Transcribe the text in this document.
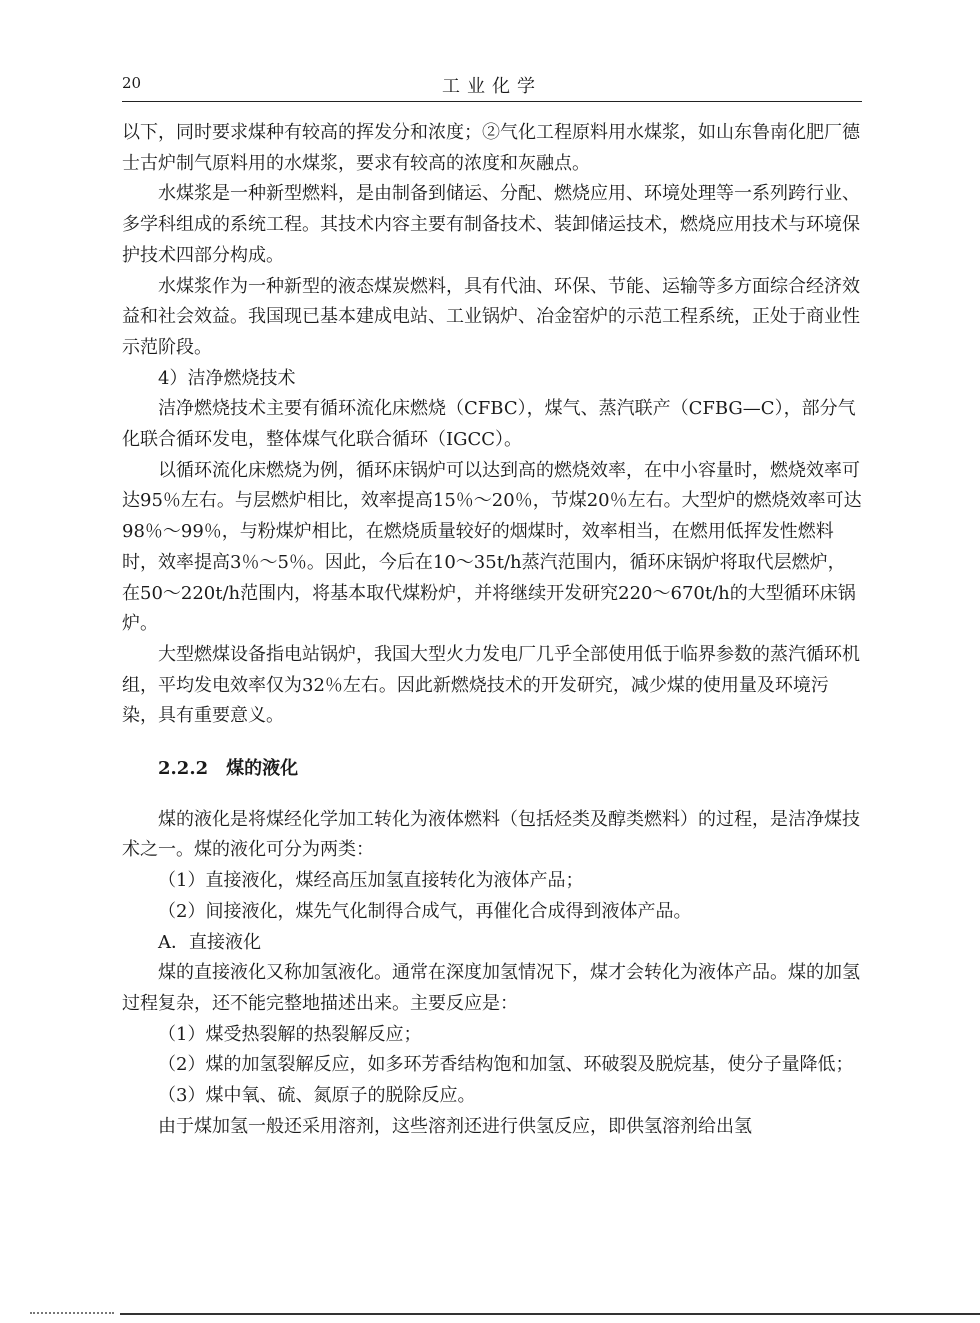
20	工业化学

以下，同时要求煤种有较高的挥发分和浓度；②气化工程原料用水煤浆，如山东鲁南化肥厂德士古炉制气原料用的水煤浆，要求有较高的浓度和灰融点。

水煤浆是一种新型燃料，是由制备到储运、分配、燃烧应用、环境处理等一系列跨行业、多学科组成的系统工程。其技术内容主要有制备技术、装卸储运技术，燃烧应用技术与环境保护技术四部分构成。

水煤浆作为一种新型的液态煤炭燃料，具有代油、环保、节能、运输等多方面综合经济效益和社会效益。我国现已基本建成电站、工业锅炉、冶金窑炉的示范工程系统，正处于商业性示范阶段。

4）洁净燃烧技术

洁净燃烧技术主要有循环流化床燃烧（CFBC），煤气、蒸汽联产（CFBG—C），部分气化联合循环发电，整体煤气化联合循环（IGCC）。

以循环流化床燃烧为例，循环床锅炉可以达到高的燃烧效率，在中小容量时，燃烧效率可达95％左右。与层燃炉相比，效率提高15％～20％，节煤20％左右。大型炉的燃烧效率可达98％～99％，与粉煤炉相比，在燃烧质量较好的烟煤时，效率相当，在燃用低挥发性燃料时，效率提高3％～5％。因此，今后在10～35t/h蒸汽范围内，循环床锅炉将取代层燃炉，在50～220t/h范围内，将基本取代煤粉炉，并将继续开发研究220～670t/h的大型循环床锅炉。

大型燃煤设备指电站锅炉，我国大型火力发电厂几乎全部使用低于临界参数的蒸汽循环机组，平均发电效率仅为32％左右。因此新燃烧技术的开发研究，减少煤的使用量及环境污染，具有重要意义。

2.2.2　煤的液化

煤的液化是将煤经化学加工转化为液体燃料（包括烃类及醇类燃料）的过程，是洁净煤技术之一。煤的液化可分为两类：

（1）直接液化，煤经高压加氢直接转化为液体产品；

（2）间接液化，煤先气化制得合成气，再催化合成得到液体产品。

A．直接液化

煤的直接液化又称加氢液化。通常在深度加氢情况下，煤才会转化为液体产品。煤的加氢过程复杂，还不能完整地描述出来。主要反应是：

（1）煤受热裂解的热裂解反应；

（2）煤的加氢裂解反应，如多环芳香结构饱和加氢、环破裂及脱烷基，使分子量降低；

（3）煤中氧、硫、氮原子的脱除反应。

由于煤加氢一般还采用溶剂，这些溶剂还进行供氢反应，即供氢溶剂给出氢
